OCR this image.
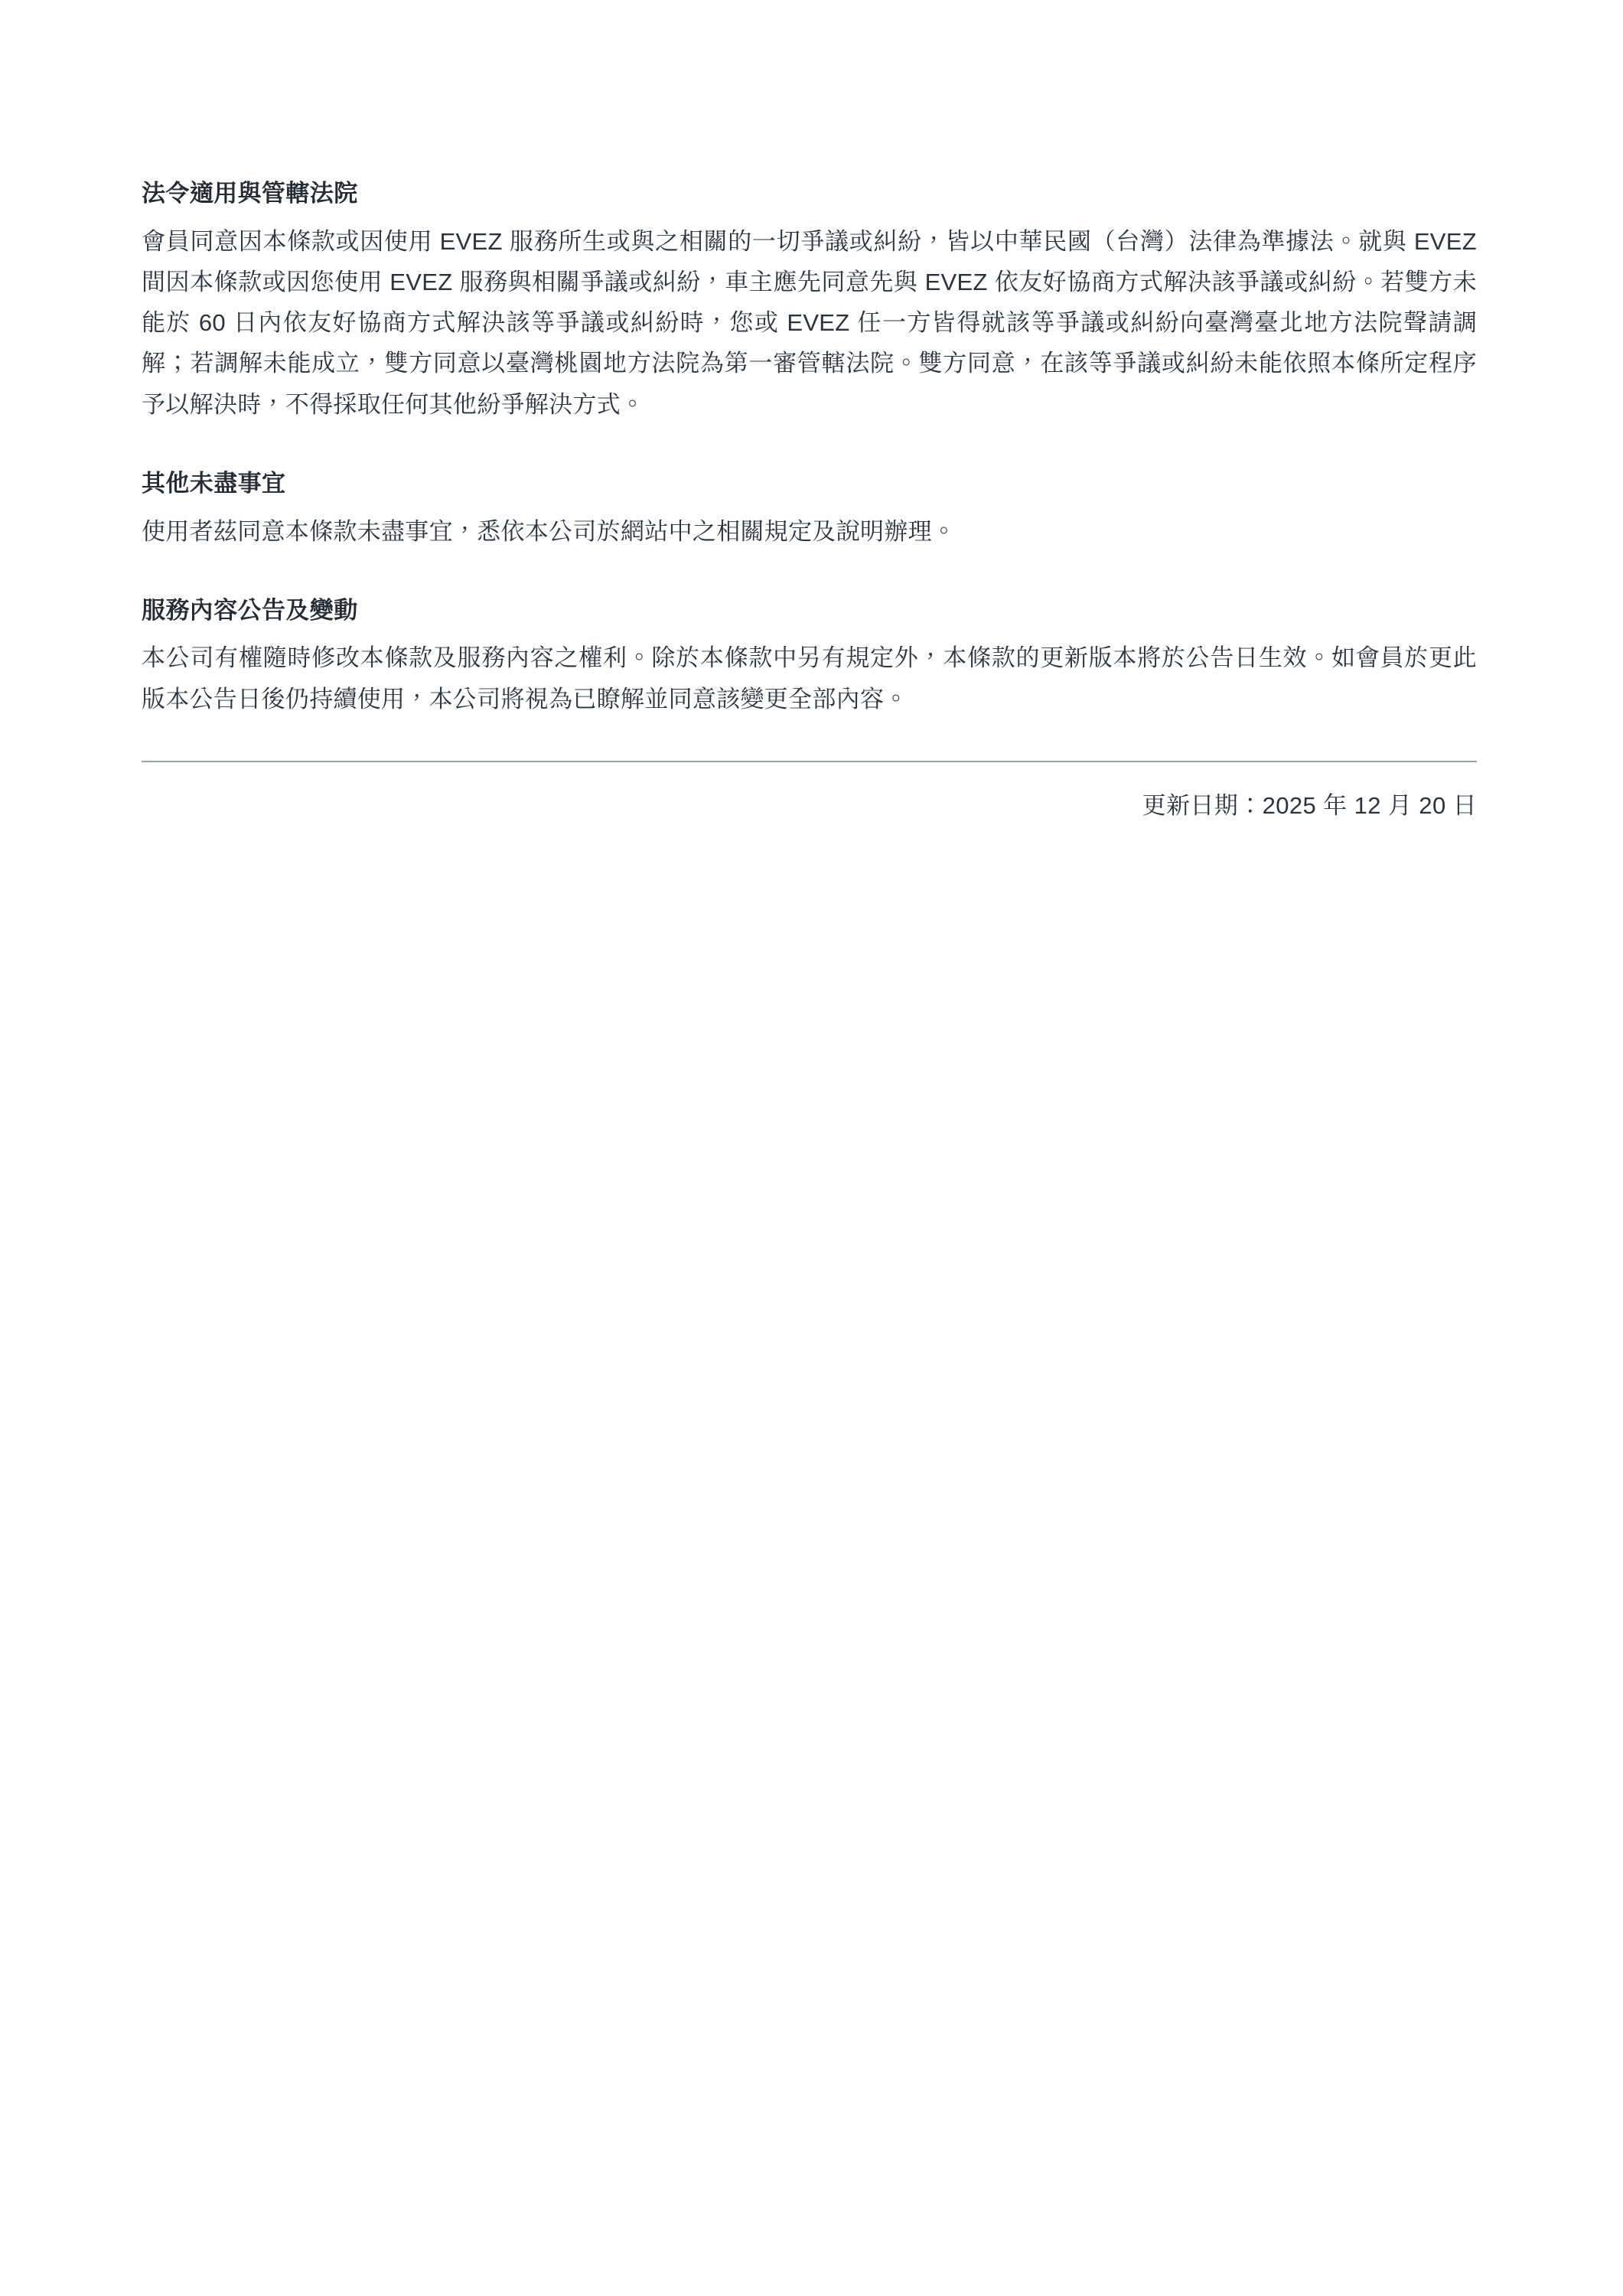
法令適用與管轄法院

會員同意因本條款或因使用 EVEZ 服務所生或與之相關的一切爭議或糾紛，皆以中華民國（台灣）法律為準據法。就與 EVEZ 間因本條款或因您使用 EVEZ 服務與相關爭議或糾紛，車主應先同意先與 EVEZ 依友好協商方式解決該爭議或糾紛。若雙方未能於 60 日內依友好協商方式解決該等爭議或糾紛時，您或 EVEZ 任一方皆得就該等爭議或糾紛向臺灣臺北地方法院聲請調解；若調解未能成立，雙方同意以臺灣桃園地方法院為第一審管轄法院。雙方同意，在該等爭議或糾紛未能依照本條所定程序予以解決時，不得採取任何其他紛爭解決方式。

其他未盡事宜

使用者茲同意本條款未盡事宜，悉依本公司於網站中之相關規定及說明辦理。

服務內容公告及變動

本公司有權隨時修改本條款及服務內容之權利。除於本條款中另有規定外，本條款的更新版本將於公告日生效。如會員於更此版本公告日後仍持續使用，本公司將視為已瞭解並同意該變更全部內容。

更新日期：2025 年 12 月 20 日
